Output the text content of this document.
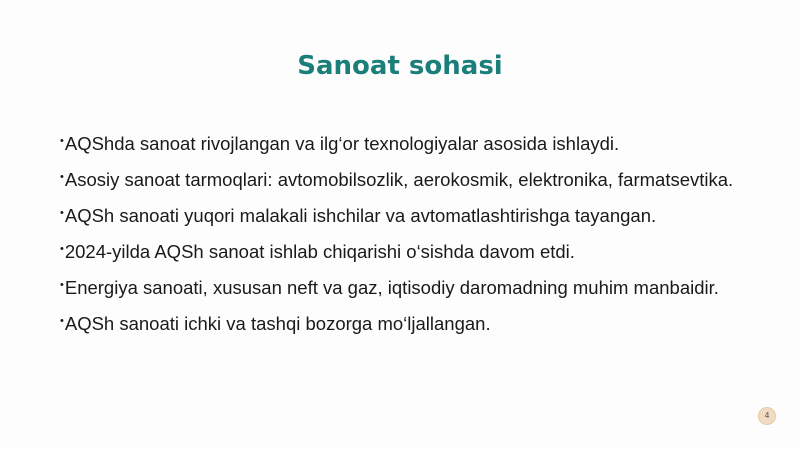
Sanoat sohasi
•AQShda sanoat rivojlangan va ilg‘or texnologiyalar asosida ishlaydi.
•Asosiy sanoat tarmoqlari: avtomobilsozlik, aerokosmik, elektronika, farmatsevtika.
•AQSh sanoati yuqori malakali ishchilar va avtomatlashtirishga tayangan.
•2024-yilda AQSh sanoat ishlab chiqarishi o‘sishda davom etdi.
•Energiya sanoati, xususan neft va gaz, iqtisodiy daromadning muhim manbaidir.
•AQSh sanoati ichki va tashqi bozorga mo‘ljallangan.
4
